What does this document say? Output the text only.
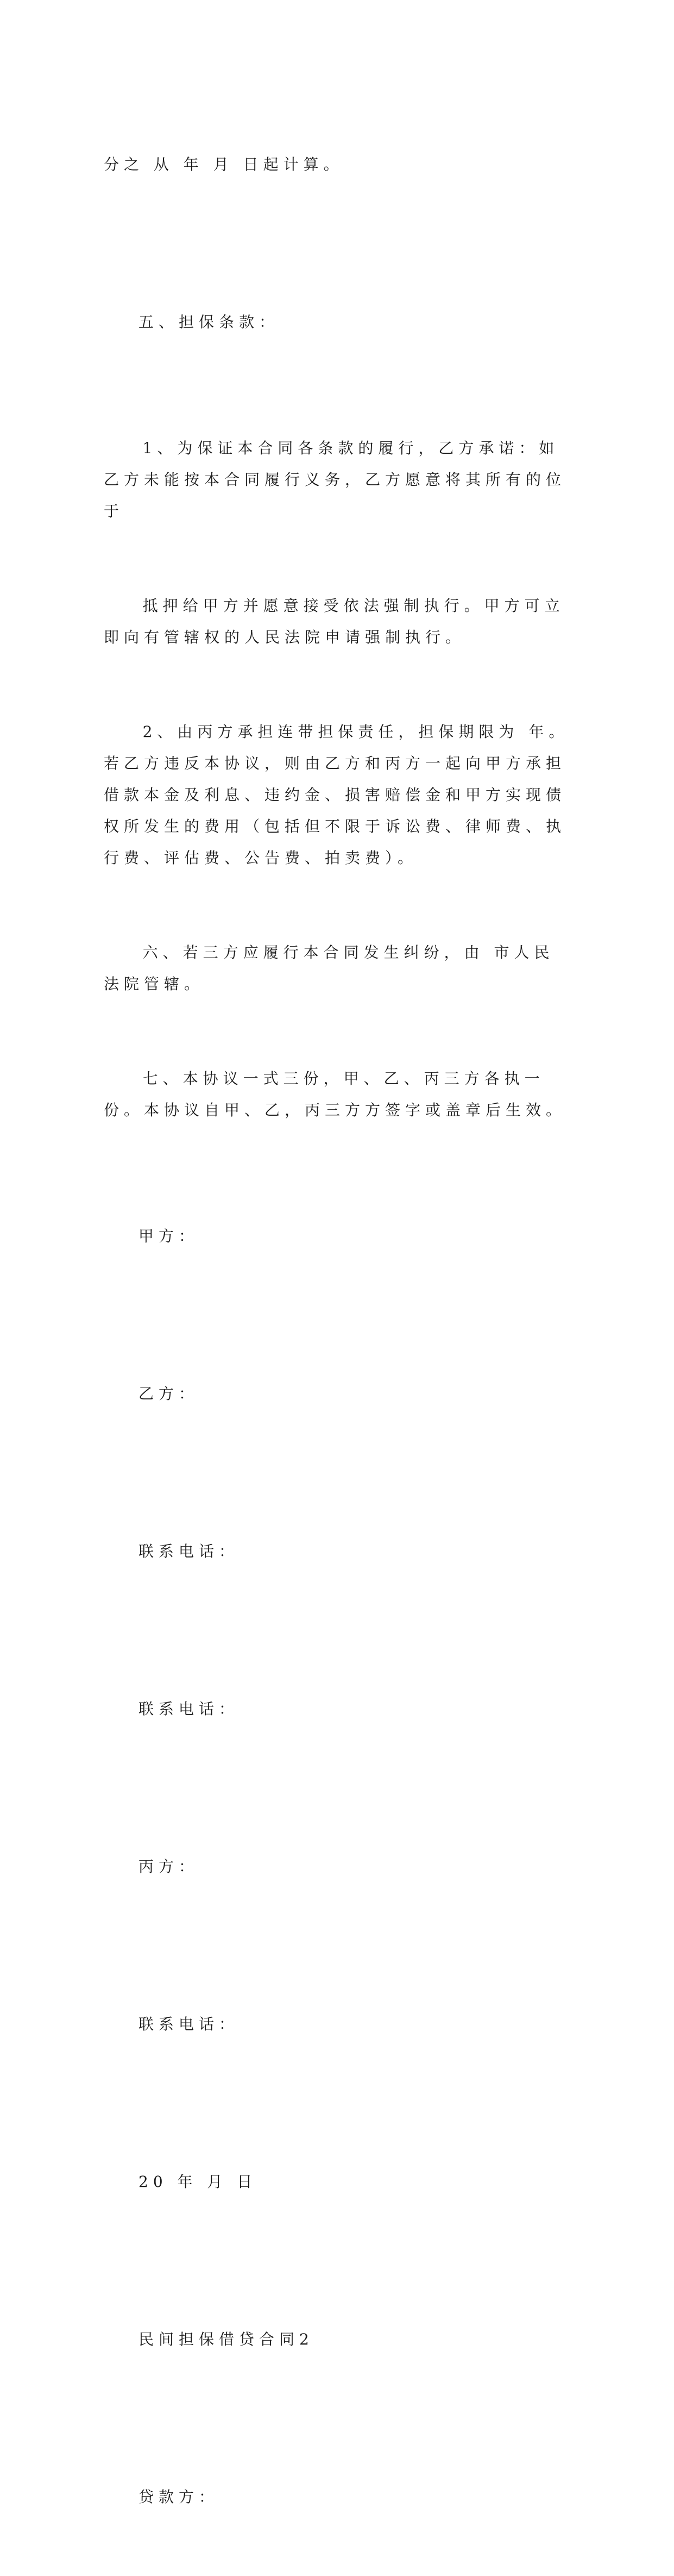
分之 从 年 月 日起计算。

五、担保条款：

1、为保证本合同各条款的履行，乙方承诺：如乙方未能按本合同履行义务，乙方愿意将其所有的位于

抵押给甲方并愿意接受依法强制执行。甲方可立即向有管辖权的人民法院申请强制执行。

2、由丙方承担连带担保责任，担保期限为 年。若乙方违反本协议，则由乙方和丙方一起向甲方承担借款本金及利息、违约金、损害赔偿金和甲方实现债权所发生的费用（包括但不限于诉讼费、律师费、执行费、评估费、公告费、拍卖费）。

六、若三方应履行本合同发生纠纷，由 市人民法院管辖。

七、本协议一式三份，甲、乙、丙三方各执一份。本协议自甲、乙，丙三方方签字或盖章后生效。

甲方：

乙方：

联系电话：

联系电话：

丙方：

联系电话：

20 年 月 日

民间担保借贷合同2

贷款方：
